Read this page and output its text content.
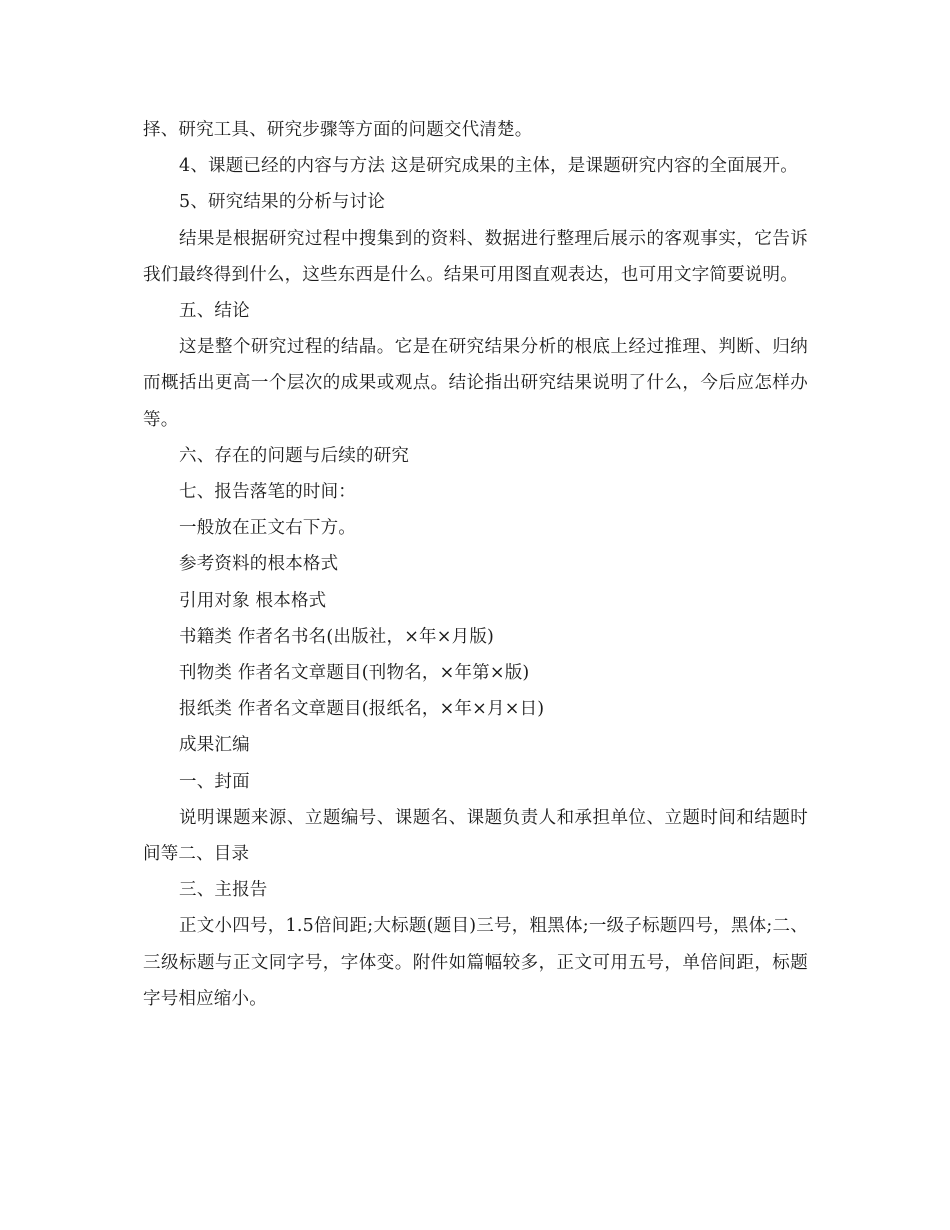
择、研究工具、研究步骤等方面的问题交代清楚。

4、课题已经的内容与方法 这是研究成果的主体，是课题研究内容的全面展开。

5、研究结果的分析与讨论

结果是根据研究过程中搜集到的资料、数据进行整理后展示的客观事实，它告诉我们最终得到什么，这些东西是什么。结果可用图直观表达，也可用文字简要说明。

五、结论

这是整个研究过程的结晶。它是在研究结果分析的根底上经过推理、判断、归纳而概括出更高一个层次的成果或观点。结论指出研究结果说明了什么，今后应怎样办等。

六、存在的问题与后续的研究

七、报告落笔的时间：

一般放在正文右下方。

参考资料的根本格式

引用对象 根本格式

书籍类 作者名书名(出版社，×年×月版)

刊物类 作者名文章题目(刊物名，×年第×版)

报纸类 作者名文章题目(报纸名，×年×月×日)

成果汇编

一、封面

说明课题来源、立题编号、课题名、课题负责人和承担单位、立题时间和结题时间等二、目录

三、主报告

正文小四号，1.5倍间距;大标题(题目)三号，粗黑体;一级子标题四号，黑体;二、三级标题与正文同字号，字体变。附件如篇幅较多，正文可用五号，单倍间距，标题字号相应缩小。
